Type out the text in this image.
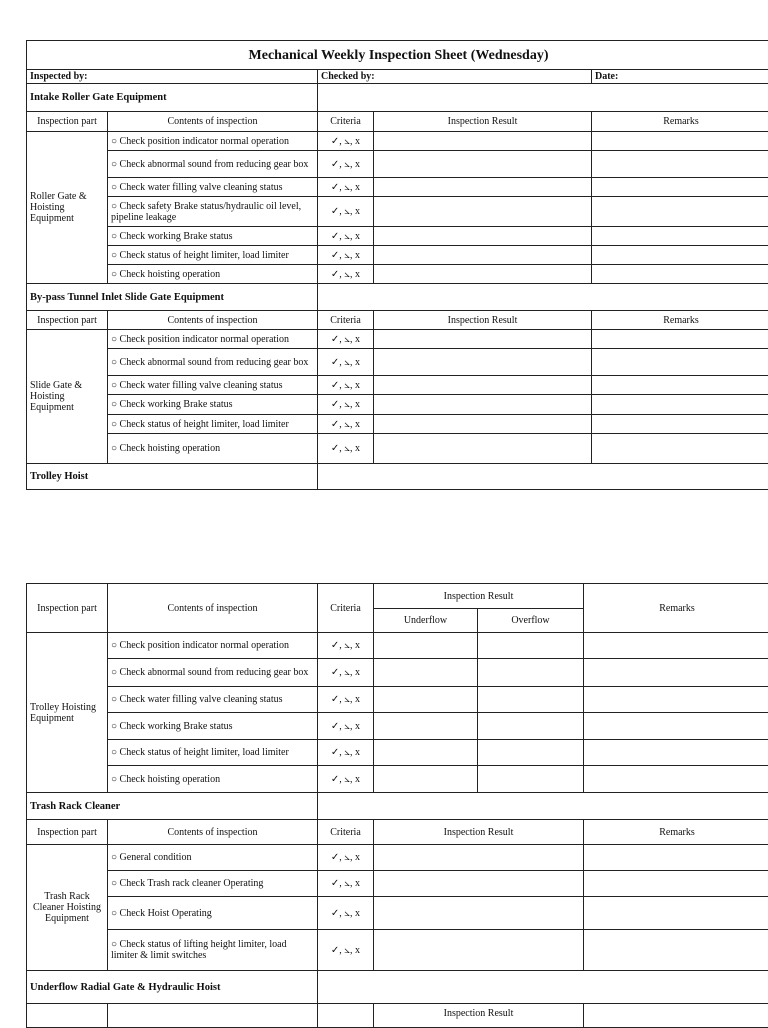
Mechanical Weekly Inspection Sheet (Wednesday)				
Inspected by:		Checked by:		Date:
Intake Roller Gate Equipment				
Inspection part	Contents of inspection	Criteria	Inspection Result	Remarks
Roller Gate & Hoisting Equipment	○ Check position indicator normal operation	✓, ⦣, x		
	○ Check abnormal sound from reducing gear box	✓, ⦣, x		
	○ Check water filling valve cleaning status	✓, ⦣, x		
	○ Check safety Brake status/hydraulic oil level, pipeline leakage	✓, ⦣, x		
	○ Check working Brake status	✓, ⦣, x		
	○ Check status of height limiter, load limiter	✓, ⦣, x		
	○ Check hoisting operation	✓, ⦣, x		
By-pass Tunnel Inlet Slide Gate Equipment				
Inspection part	Contents of inspection	Criteria	Inspection Result	Remarks
Slide Gate & Hoisting Equipment	○ Check position indicator normal operation	✓, ⦣, x		
	○ Check abnormal sound from reducing gear box	✓, ⦣, x		
	○ Check water filling valve cleaning status	✓, ⦣, x		
	○ Check working Brake status	✓, ⦣, x		
	○ Check status of height limiter, load limiter	✓, ⦣, x		
	○ Check hoisting operation	✓, ⦣, x		
Trolley Hoist				
Inspection part	Contents of inspection	Criteria	Inspection Result		Remarks
			Underflow	Overflow	
Trolley Hoisting Equipment	○ Check position indicator normal operation	✓, ⦣, x			
	○ Check abnormal sound from reducing gear box	✓, ⦣, x			
	○ Check water filling valve cleaning status	✓, ⦣, x			
	○ Check working Brake status	✓, ⦣, x			
	○ Check status of height limiter, load limiter	✓, ⦣, x			
	○ Check hoisting operation	✓, ⦣, x			
Trash Rack Cleaner					
Inspection part	Contents of inspection	Criteria	Inspection Result		Remarks
Trash Rack Cleaner Hoisting Equipment	○ General condition	✓, ⦣, x			
	○ Check Trash rack cleaner Operating	✓, ⦣, x			
	○ Check Hoist Operating	✓, ⦣, x			
	○ Check status of lifting height limiter, load limiter & limit switches	✓, ⦣, x			
Underflow Radial Gate & Hydraulic Hoist					
			Inspection Result		
